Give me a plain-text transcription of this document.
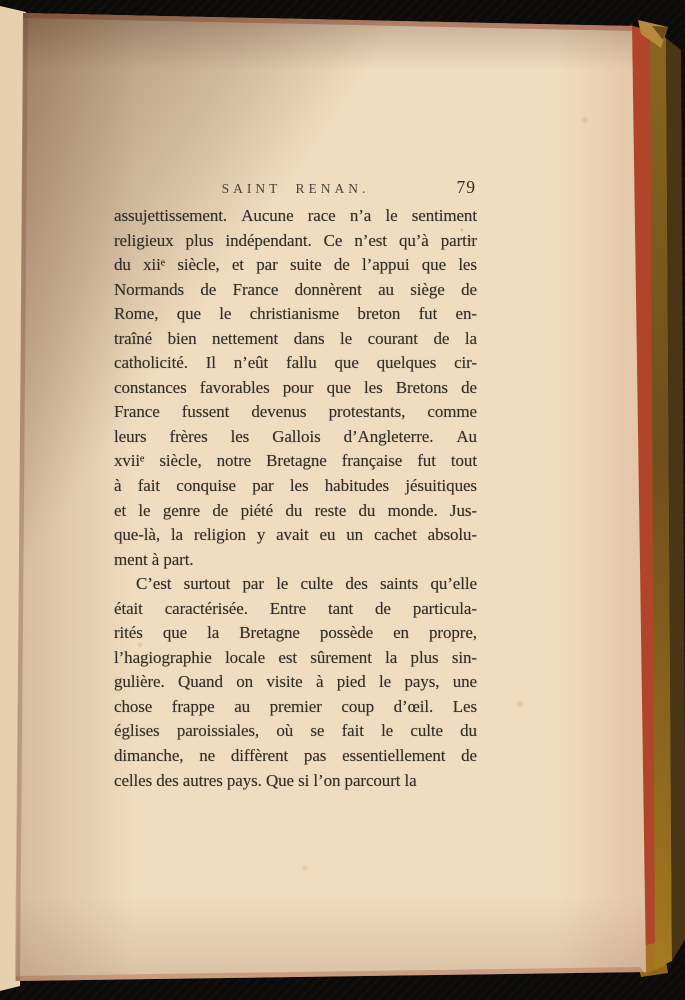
SAINT RENAN.	79
assujettissement. Aucune race n’a le sentiment
religieux plus indépendant. Ce n’est qu’à partir
du xiiᵉ siècle, et par suite de l’appui que les
Normands de France donnèrent au siège de
Rome, que le christianisme breton fut en-
traîné bien nettement dans le courant de la
catholicité. Il n’eût fallu que quelques cir-
constances favorables pour que les Bretons de
France fussent devenus protestants, comme
leurs frères les Gallois d’Angleterre. Au
xviiᵉ siècle, notre Bretagne française fut tout
à fait conquise par les habitudes jésuitiques
et le genre de piété du reste du monde. Jus-
que-là, la religion y avait eu un cachet absolu-
ment à part.
C’est surtout par le culte des saints qu’elle
était caractérisée. Entre tant de particula-
rités que la Bretagne possède en propre,
l’hagiographie locale est sûrement la plus sin-
gulière. Quand on visite à pied le pays, une
chose frappe au premier coup d’œil. Les
églises paroissiales, où se fait le culte du
dimanche, ne diffèrent pas essentiellement de
celles des autres pays. Que si l’on parcourt la
